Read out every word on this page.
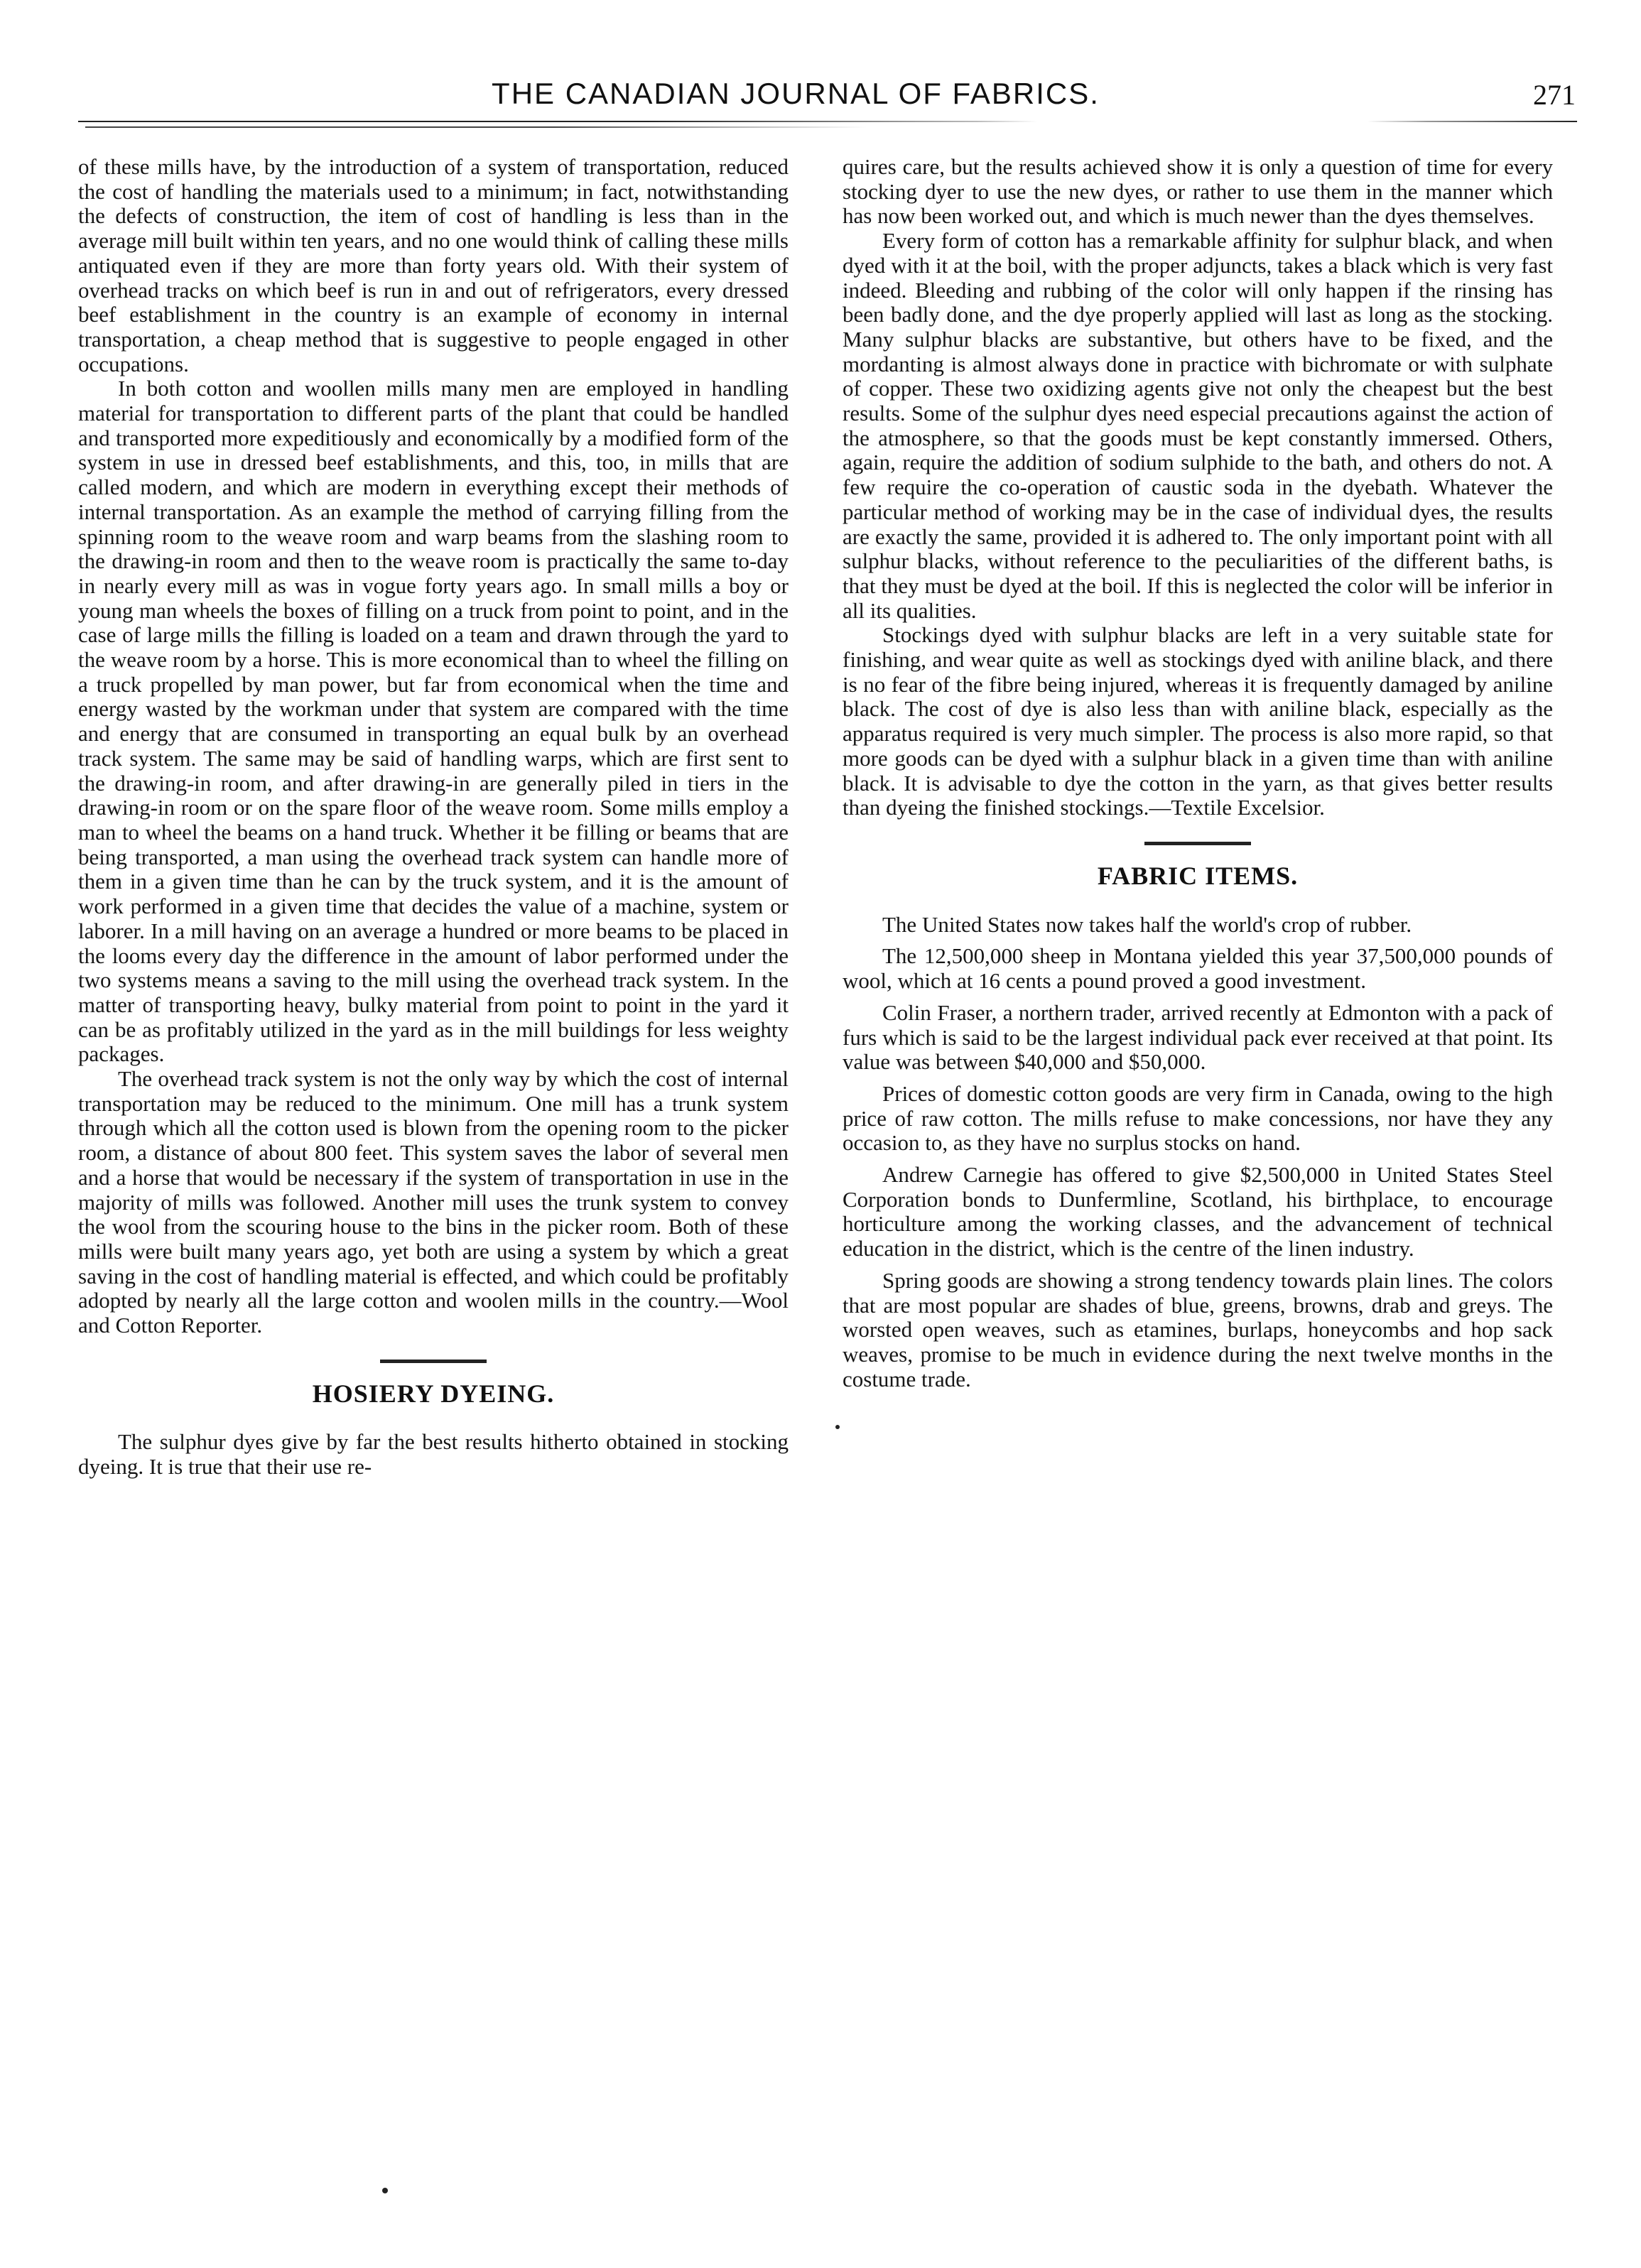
THE CANADIAN JOURNAL OF FABRICS.	271

of these mills have, by the introduction of a system of transportation, reduced the cost of handling the materials used to a minimum; in fact, notwithstanding the defects of construction, the item of cost of handling is less than in the average mill built within ten years, and no one would think of calling these mills antiquated even if they are more than forty years old. With their system of overhead tracks on which beef is run in and out of refrigerators, every dressed beef establishment in the country is an example of economy in internal transportation, a cheap method that is suggestive to people engaged in other occupations.

In both cotton and woollen mills many men are employed in handling material for transportation to different parts of the plant that could be handled and transported more expeditiously and economically by a modified form of the system in use in dressed beef establishments, and this, too, in mills that are called modern, and which are modern in everything except their methods of internal transportation. As an example the method of carrying filling from the spinning room to the weave room and warp beams from the slashing room to the drawing-in room and then to the weave room is practically the same to-day in nearly every mill as was in vogue forty years ago. In small mills a boy or young man wheels the boxes of filling on a truck from point to point, and in the case of large mills the filling is loaded on a team and drawn through the yard to the weave room by a horse. This is more economical than to wheel the filling on a truck propelled by man power, but far from economical when the time and energy wasted by the workman under that system are compared with the time and energy that are consumed in transporting an equal bulk by an overhead track system. The same may be said of handling warps, which are first sent to the drawing-in room, and after drawing-in are generally piled in tiers in the drawing-in room or on the spare floor of the weave room. Some mills employ a man to wheel the beams on a hand truck. Whether it be filling or beams that are being transported, a man using the overhead track system can handle more of them in a given time than he can by the truck system, and it is the amount of work performed in a given time that decides the value of a machine, system or laborer. In a mill having on an average a hundred or more beams to be placed in the looms every day the difference in the amount of labor performed under the two systems means a saving to the mill using the overhead track system. In the matter of transporting heavy, bulky material from point to point in the yard it can be as profitably utilized in the yard as in the mill buildings for less weighty packages.

The overhead track system is not the only way by which the cost of internal transportation may be reduced to the minimum. One mill has a trunk system through which all the cotton used is blown from the opening room to the picker room, a distance of about 800 feet. This system saves the labor of several men and a horse that would be necessary if the system of transportation in use in the majority of mills was followed. Another mill uses the trunk system to convey the wool from the scouring house to the bins in the picker room. Both of these mills were built many years ago, yet both are using a system by which a great saving in the cost of handling material is effected, and which could be profitably adopted by nearly all the large cotton and woolen mills in the country.—Wool and Cotton Reporter.

HOSIERY DYEING.

The sulphur dyes give by far the best results hitherto obtained in stocking dyeing. It is true that their use re-

quires care, but the results achieved show it is only a question of time for every stocking dyer to use the new dyes, or rather to use them in the manner which has now been worked out, and which is much newer than the dyes themselves.

Every form of cotton has a remarkable affinity for sulphur black, and when dyed with it at the boil, with the proper adjuncts, takes a black which is very fast indeed. Bleeding and rubbing of the color will only happen if the rinsing has been badly done, and the dye properly applied will last as long as the stocking. Many sulphur blacks are substantive, but others have to be fixed, and the mordanting is almost always done in practice with bichromate or with sulphate of copper. These two oxidizing agents give not only the cheapest but the best results. Some of the sulphur dyes need especial precautions against the action of the atmosphere, so that the goods must be kept constantly immersed. Others, again, require the addition of sodium sulphide to the bath, and others do not. A few require the co-operation of caustic soda in the dyebath. Whatever the particular method of working may be in the case of individual dyes, the results are exactly the same, provided it is adhered to. The only important point with all sulphur blacks, without reference to the peculiarities of the different baths, is that they must be dyed at the boil. If this is neglected the color will be inferior in all its qualities.

Stockings dyed with sulphur blacks are left in a very suitable state for finishing, and wear quite as well as stockings dyed with aniline black, and there is no fear of the fibre being injured, whereas it is frequently damaged by aniline black. The cost of dye is also less than with aniline black, especially as the apparatus required is very much simpler. The process is also more rapid, so that more goods can be dyed with a sulphur black in a given time than with aniline black. It is advisable to dye the cotton in the yarn, as that gives better results than dyeing the finished stockings.—Textile Excelsior.

FABRIC ITEMS.

The United States now takes half the world's crop of rubber.

The 12,500,000 sheep in Montana yielded this year 37,500,000 pounds of wool, which at 16 cents a pound proved a good investment.

Colin Fraser, a northern trader, arrived recently at Edmonton with a pack of furs which is said to be the largest individual pack ever received at that point. Its value was between $40,000 and $50,000.

Prices of domestic cotton goods are very firm in Canada, owing to the high price of raw cotton. The mills refuse to make concessions, nor have they any occasion to, as they have no surplus stocks on hand.

Andrew Carnegie has offered to give $2,500,000 in United States Steel Corporation bonds to Dunfermline, Scotland, his birthplace, to encourage horticulture among the working classes, and the advancement of technical education in the district, which is the centre of the linen industry.

Spring goods are showing a strong tendency towards plain lines. The colors that are most popular are shades of blue, greens, browns, drab and greys. The worsted open weaves, such as etamines, burlaps, honeycombs and hop sack weaves, promise to be much in evidence during the next twelve months in the costume trade.
